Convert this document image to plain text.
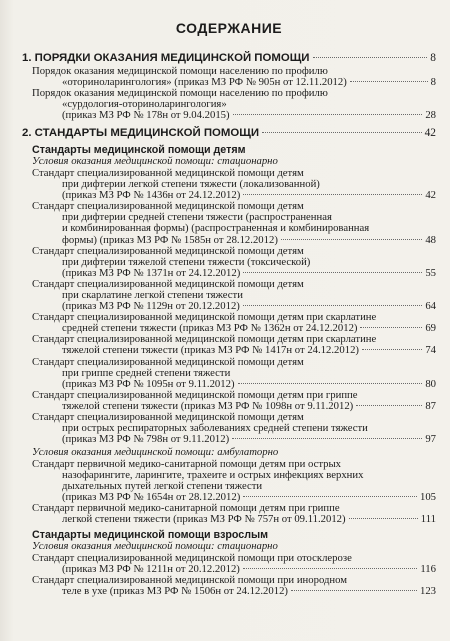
СОДЕРЖАНИЕ
1. ПОРЯДКИ ОКАЗАНИЯ МЕДИЦИНСКОЙ ПОМОЩИ	8
Порядок оказания медицинской помощи населению по профилю
«оториноларингология» (приказ МЗ РФ № 905н от 12.11.2012)	8
Порядок оказания медицинской помощи населению по профилю
«сурдология-оториноларингология»
(приказ МЗ РФ № 178н от 9.04.2015)	28
2. СТАНДАРТЫ МЕДИЦИНСКОЙ ПОМОЩИ	42
Стандарты медицинской помощи детям
Условия оказания медицинской помощи: стационарно
Стандарт специализированной медицинской помощи детям
при дифтерии легкой степени тяжести (локализованной)
(приказ МЗ РФ № 1436н от 24.12.2012)	42
Стандарт специализированной медицинской помощи детям
при дифтерии средней степени тяжести (распространенная
и комбинированная формы) (распространенная и комбинированная
формы) (приказ МЗ РФ № 1585н от 28.12.2012)	48
Стандарт специализированной медицинской помощи детям
при дифтерии тяжелой степени тяжести (токсической)
(приказ МЗ РФ № 1371н от 24.12.2012)	55
Стандарт специализированной медицинской помощи детям
при скарлатине легкой степени тяжести
(приказ МЗ РФ № 1129н от 20.12.2012)	64
Стандарт специализированной медицинской помощи детям при скарлатине
средней степени тяжести (приказ МЗ РФ № 1362н от 24.12.2012)	69
Стандарт специализированной медицинской помощи детям при скарлатине
тяжелой степени тяжести (приказ МЗ РФ № 1417н от 24.12.2012)	74
Стандарт специализированной медицинской помощи детям
при гриппе средней степени тяжести
(приказ МЗ РФ № 1095н от 9.11.2012)	80
Стандарт специализированной медицинской помощи детям при гриппе
тяжелой степени тяжести (приказ МЗ РФ № 1098н от 9.11.2012)	87
Стандарт специализированной медицинской помощи детям
при острых респираторных заболеваниях средней степени тяжести
(приказ МЗ РФ № 798н от 9.11.2012)	97
Условия оказания медицинской помощи: амбулаторно
Стандарт первичной медико-санитарной помощи детям при острых
назофарингите, ларингите, трахеите и острых инфекциях верхних
дыхательных путей легкой степени тяжести
(приказ МЗ РФ № 1654н от 28.12.2012)	105
Стандарт первичной медико-санитарной помощи детям при гриппе
легкой степени тяжести (приказ МЗ РФ № 757н от 09.11.2012)	111
Стандарты медицинской помощи взрослым
Условия оказания медицинской помощи: стационарно
Стандарт специализированной медицинской помощи при отосклерозе
(приказ МЗ РФ № 1211н от 20.12.2012)	116
Стандарт специализированной медицинской помощи при инородном
теле в ухе (приказ МЗ РФ № 1506н от 24.12.2012)	123
